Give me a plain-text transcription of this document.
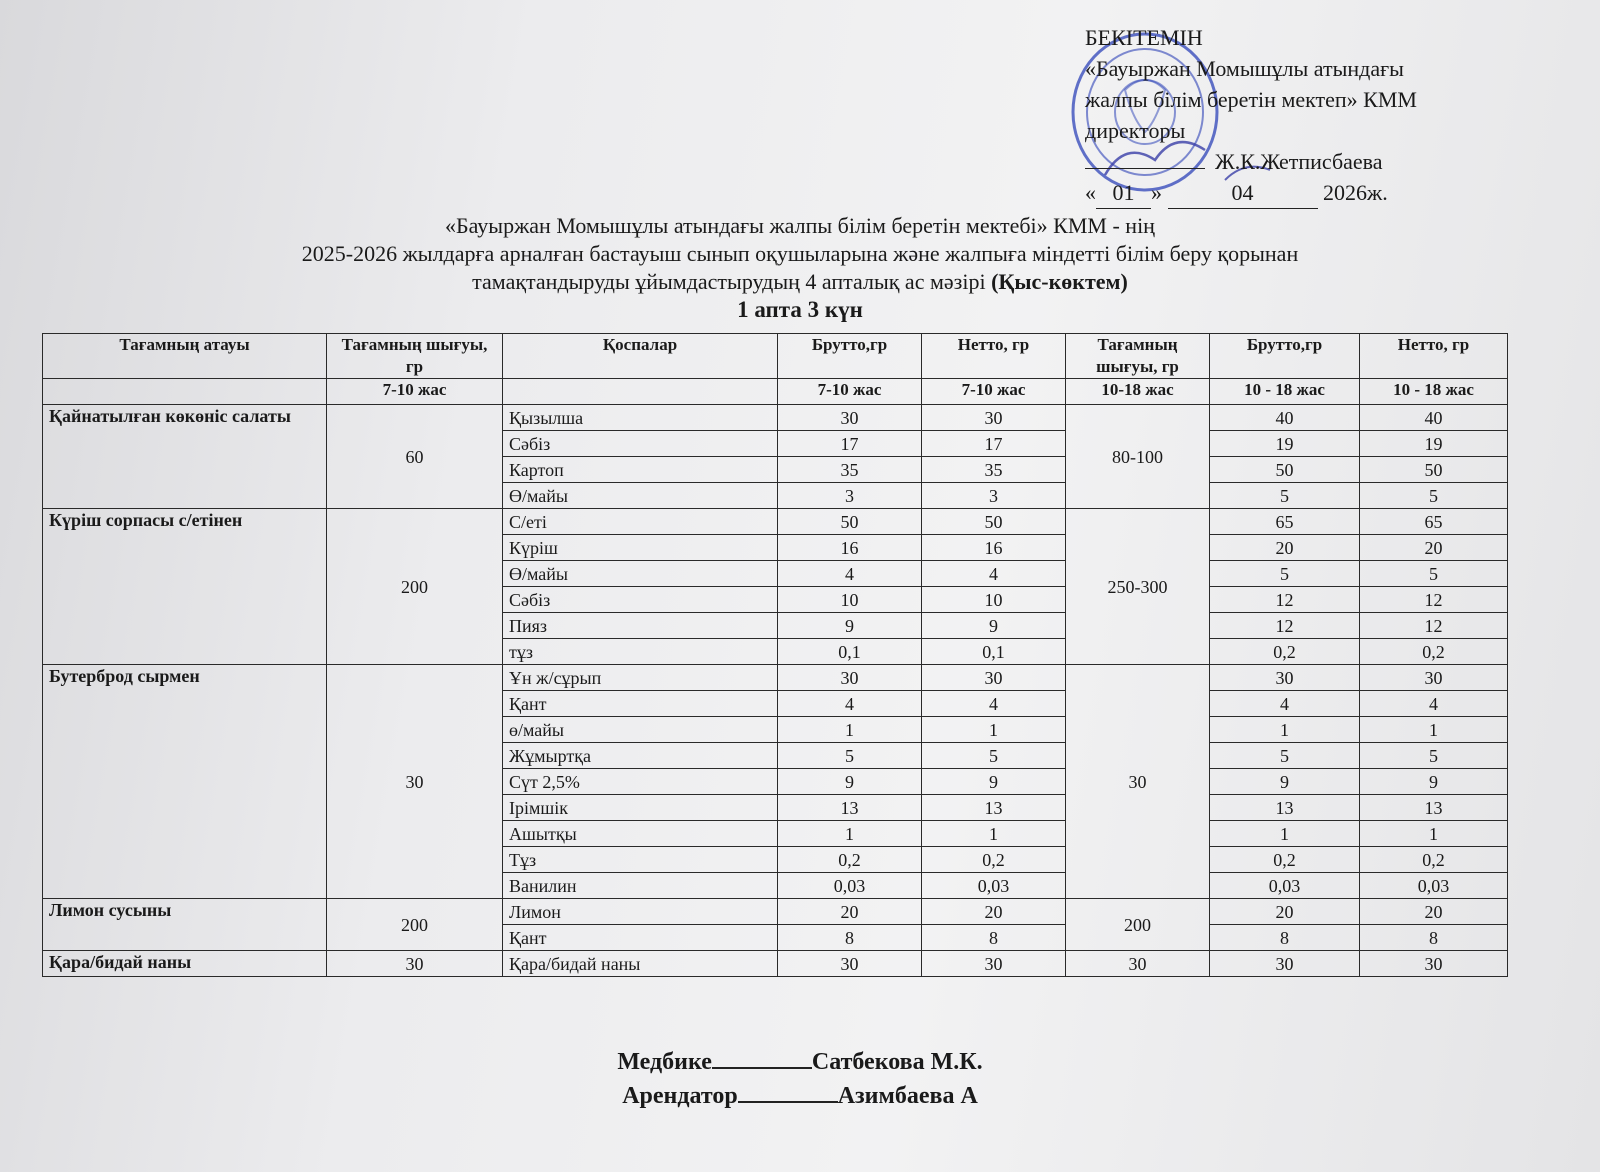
БЕКІТЕМІН
«Бауыржан Момышұлы атындағы
жалпы білім беретін мектеп» КММ
директоры
Ж.К.Жетписбаева
« 01 »	04	2026ж.
«Бауыржан Момышұлы атындағы жалпы білім беретін мектебі» КММ - нің
2025-2026 жылдарға арналған бастауыш сынып оқушыларына және жалпыға міндетті білім беру қорынан
тамақтандыруды ұйымдастырудың 4 апталық ас мәзірі (Қыс-көктем)
1 апта 3 күн
Тағамның атауы	Тағамның шығуы, гр	Қоспалар	Брутто,гр	Нетто, гр	Тағамның шығуы, гр	Брутто,гр	Нетто, гр
	7-10 жас		7-10 жас	7-10 жас	10-18 жас	10 - 18 жас	10 - 18 жас
Қайнатылған көкөніс салаты	60	Қызылша	30	30	80-100	40	40
		Сәбіз	17	17		19	19
		Картоп	35	35		50	50
		Ө/майы	3	3		5	5
Күріш сорпасы с/етінен	200	С/еті	50	50	250-300	65	65
		Күріш	16	16		20	20
		Ө/майы	4	4		5	5
		Сәбіз	10	10		12	12
		Пияз	9	9		12	12
		тұз	0,1	0,1		0,2	0,2
Бутерброд сырмен	30	Ұн ж/сұрып	30	30	30	30	30
		Қант	4	4		4	4
		ө/майы	1	1		1	1
		Жұмыртқа	5	5		5	5
		Сүт 2,5%	9	9		9	9
		Ірімшік	13	13		13	13
		Ашытқы	1	1		1	1
		Тұз	0,2	0,2		0,2	0,2
		Ванилин	0,03	0,03		0,03	0,03
Лимон сусыны	200	Лимон	20	20	200	20	20
		Қант	8	8		8	8
Қара/бидай наны	30	Қара/бидай наны	30	30	30	30	30
Медбике	Сатбекова М.К.
Арендатор	Азимбаева А
